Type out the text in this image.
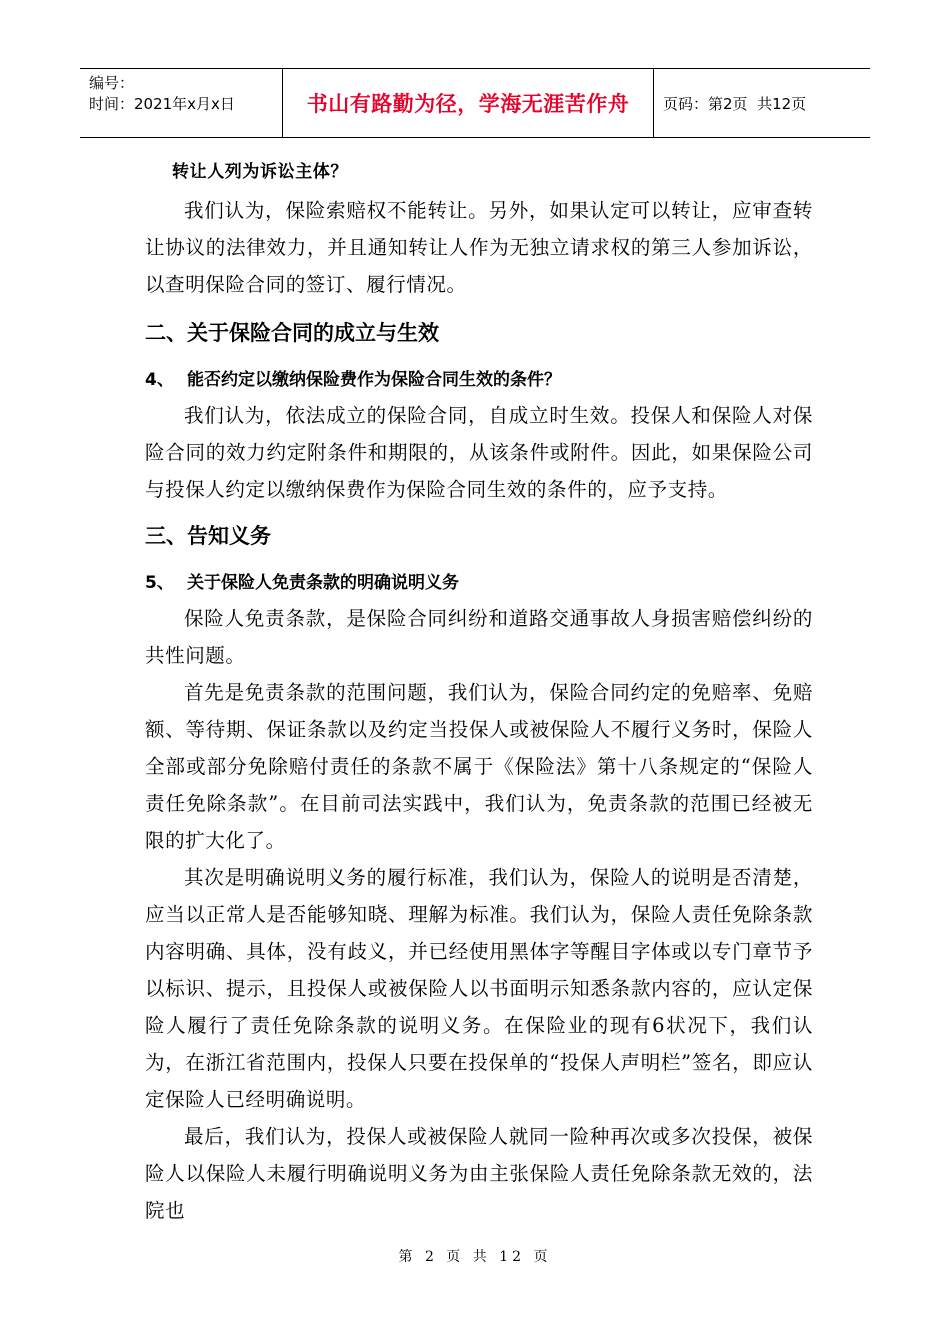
编号：
时间：2021年x月x日	书山有路勤为径，学海无涯苦作舟	页码：第2页  共12页

转让人列为诉讼主体？

我们认为，保险索赔权不能转让。另外，如果认定可以转让，应审查转让协议的法律效力，并且通知转让人作为无独立请求权的第三人参加诉讼，以查明保险合同的签订、履行情况。

二、关于保险合同的成立与生效
4、 能否约定以缴纳保险费作为保险合同生效的条件？

我们认为，依法成立的保险合同，自成立时生效。投保人和保险人对保险合同的效力约定附条件和期限的，从该条件或附件。因此，如果保险公司与投保人约定以缴纳保费作为保险合同生效的条件的，应予支持。

三、告知义务
5、 关于保险人免责条款的明确说明义务

保险人免责条款，是保险合同纠纷和道路交通事故人身损害赔偿纠纷的共性问题。

首先是免责条款的范围问题，我们认为，保险合同约定的免赔率、免赔额、等待期、保证条款以及约定当投保人或被保险人不履行义务时，保险人全部或部分免除赔付责任的条款不属于《保险法》第十八条规定的“保险人责任免除条款”。在目前司法实践中，我们认为，免责条款的范围已经被无限的扩大化了。

其次是明确说明义务的履行标准，我们认为，保险人的说明是否清楚，应当以正常人是否能够知晓、理解为标准。我们认为，保险人责任免除条款内容明确、具体，没有歧义，并已经使用黑体字等醒目字体或以专门章节予以标识、提示，且投保人或被保险人以书面明示知悉条款内容的，应认定保险人履行了责任免除条款的说明义务。在保险业的现有6状况下，我们认为，在浙江省范围内，投保人只要在投保单的“投保人声明栏”签名，即应认定保险人已经明确说明。

最后，我们认为，投保人或被保险人就同一险种再次或多次投保，被保险人以保险人未履行明确说明义务为由主张保险人责任免除条款无效的，法院也

第 2 页 共 12 页
